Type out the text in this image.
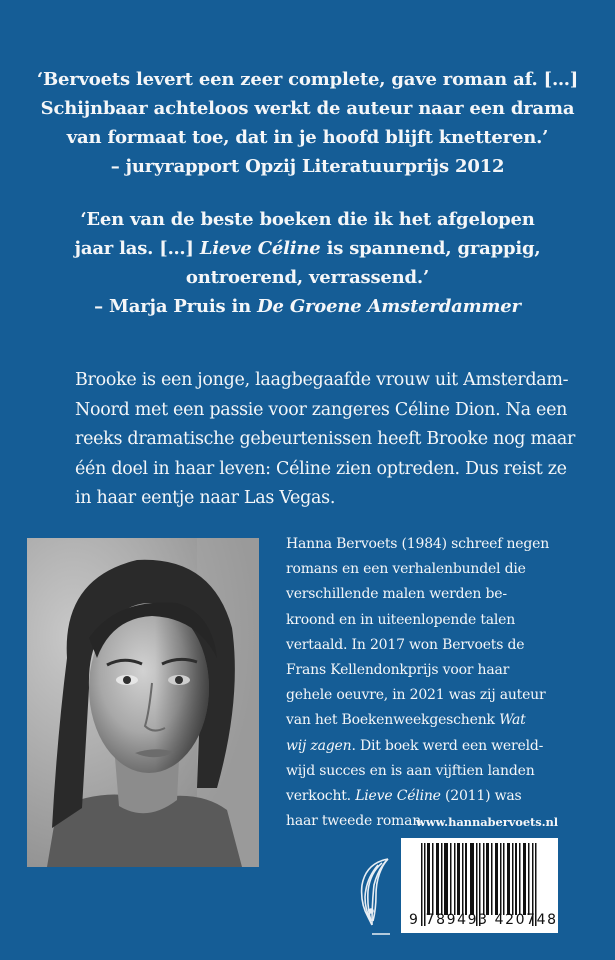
‘Bervoets levert een zeer complete, gave roman af. […]
Schijnbaar achteloos werkt de auteur naar een drama
van formaat toe, dat in je hoofd blijft knetteren.’
– juryrapport Opzij Literatuurprijs 2012
‘Een van de beste boeken die ik het afgelopen
jaar las. […] Lieve Céline is spannend, grappig,
ontroerend, verrassend.’
– Marja Pruis in De Groene Amsterdammer
Brooke is een jonge, laagbegaafde vrouw uit Amsterdam-
Noord met een passie voor zangeres Céline Dion. Na een
reeks dramatische gebeurtenissen heeft Brooke nog maar
één doel in haar leven: Céline zien optreden. Dus reist ze
in haar eentje naar Las Vegas.
Hanna Bervoets (1984) schreef negen
romans en een verhalenbundel die
verschillende malen werden be-
kroond en in uiteenlopende talen
vertaald. In 2017 won Bervoets de
Frans Kellendonkprijs voor haar
gehele oeuvre, in 2021 was zij auteur
van het Boekenweekgeschenk Wat
wij zagen. Dit boek werd een wereld-
wijd succes en is aan vijftien landen
verkocht. Lieve Céline (2011) was
haar tweede roman.
www.hannabervoets.nl
9 789493 420748
